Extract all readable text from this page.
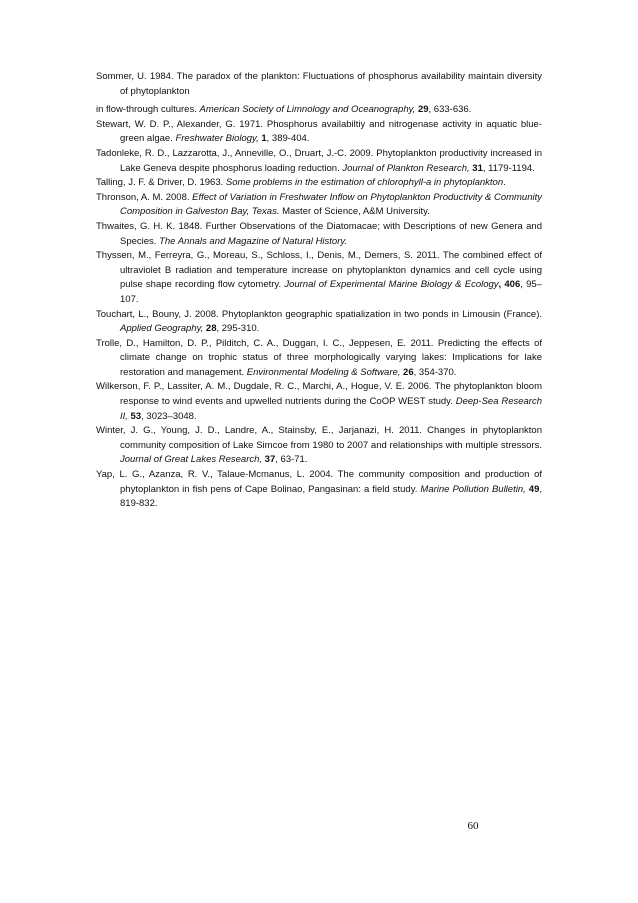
Sommer, U. 1984. The paradox of the plankton: Fluctuations of phosphorus availability maintain diversity of phytoplankton

in flow-through cultures. American Society of Limnology and Oceanography, 29, 633-636.

Stewart, W. D. P., Alexander, G. 1971. Phosphorus availabiltiy and nitrogenase activity in aquatic blue-green algae. Freshwater Biology, 1, 389-404.

Tadonleke, R. D., Lazzarotta, J., Anneville, O., Druart, J.-C. 2009. Phytoplankton productivity increased in Lake Geneva despite phosphorus loading reduction. Journal of Plankton Research, 31, 1179-1194.

Talling, J. F. & Driver, D. 1963. Some problems in the estimation of chlorophyll-a in phytoplankton.

Thronson, A. M. 2008. Effect of Variation in Freshwater Inflow on Phytoplankton Productivity & Community Composition in Galveston Bay, Texas. Master of Science, A&M University.

Thwaites, G. H. K. 1848. Further Observations of the Diatomacae; with Descriptions of new Genera and Species. The Annals and Magazine of Natural History.

Thyssen, M., Ferreyra, G., Moreau, S., Schloss, I., Denis, M., Demers, S. 2011. The combined effect of ultraviolet B radiation and temperature increase on phytoplankton dynamics and cell cycle using pulse shape recording flow cytometry. Journal of Experimental Marine Biology & Ecology, 406, 95–107.

Touchart, L., Bouny, J. 2008. Phytoplankton geographic spatialization in two ponds in Limousin (France). Applied Geography, 28, 295-310.

Trolle, D., Hamilton, D. P., Pilditch, C. A., Duggan, I. C., Jeppesen, E. 2011. Predicting the effects of climate change on trophic status of three morphologically varying lakes: Implications for lake restoration and management. Environmental Modeling & Software, 26, 354-370.

Wilkerson, F. P., Lassiter, A. M., Dugdale, R. C., Marchi, A., Hogue, V. E. 2006. The phytoplankton bloom response to wind events and upwelled nutrients during the CoOP WEST study. Deep-Sea Research II, 53, 3023–3048.

Winter, J. G., Young, J. D., Landre, A., Stainsby, E., Jarjanazi, H. 2011. Changes in phytoplankton community composition of Lake Simcoe from 1980 to 2007 and relationships with multiple stressors. Journal of Great Lakes Research, 37, 63-71.

Yap, L. G., Azanza, R. V., Talaue-Mcmanus, L. 2004. The community composition and production of phytoplankton in fish pens of Cape Bolinao, Pangasinan: a field study. Marine Pollution Bulletin, 49, 819-832.

60
